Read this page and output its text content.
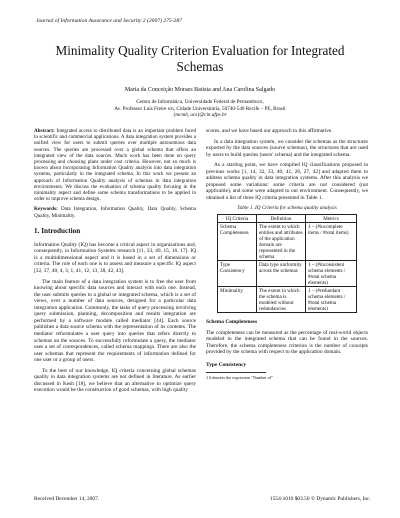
Journal of Information Assurance and Security 2 (2007) 275-287
Minimality Quality Criterion Evaluation for Integrated Schemas
Maria da Conceição Moraes Batista and Ana Carolina Salgado
Centro de Informática, Universidade Federal de Pernambuco,
Av. Professor Luis Freire s/n, Cidade Universitária, 50740-540 Recife – PE, Brasil
{mcmb, acs}@cin.ufpe.br

Abstract: Integrated access to distributed data is an important problem faced in scientific and commercial applications. A data integration system provides a unified view for users to submit queries over multiple autonomous data sources. The queries are processed over a global schema that offers an integrated view of the data sources. Much work has been done on query processing and choosing plans under cost criteria. However, not so much is known about incorporating Information Quality analysis into data integration systems, particularly in the integrated schema. In this work we present an approach of Information Quality analysis of schemas in data integration environments. We discuss the evaluation of schema quality focusing in the minimality aspect and define some schema transformations to be applied in order to improve schema design.

Keywords: Data Integration, Information Quality, Data Quality, Schema Quality, Minimality.

1. Introduction

Information Quality (IQ) has become a critical aspect in organizations and, consequently, in Information Systems research [11, 33, 40, 15, 16, 17]. IQ is a multidimensional aspect and it is based in a set of dimensions or criteria. The role of each one is to assess and measure a specific IQ aspect [32, 37, 40, 4, 3, 1, 41, 12, 13, 38, 42, 43].

The main feature of a data integration system is to free the user from knowing about specific data sources and interact with each one. Instead, the user submits queries to a global or integrated schema, which is a set of views, over a number of data sources, designed for a particular data integration application. Commonly, the tasks of query processing involving query submission, planning, decomposition and results integration are performed by a software module called mediator [44]. Each source publishes a data source schema with the representation of its contents. The mediator reformulates a user query into queries that refers directly to schemas on the sources. To successfully reformulate a query, the mediator uses a set of correspondences, called schema mappings. There are also the user schemas that represent the requirements of information defined for one user or a group of users.

To the best of our knowledge, IQ criteria concerning global schemas quality in data integration systems are not defined in literature. As earlier discussed in Kesh [18], we believe that an alternative to optimize query execution would be the construction of good schemas, with high quality

scores, and we have based our approach in this affirmative.

In a data integration system, we consider the schemas as the structures exported by the data sources (source schemas), the structures that are used by users to build queries (users' schema) and the integrated schema.

As a starting point, we have compiled IQ classifications proposed in previous works [1, 14, 32, 33, 40, 41, 26, 27, 42] and adapted them to address schema quality in data integration systems. After this analysis we proposed some variations: some criteria are not considered (not applicable), and some were adapted to our environment. Consequently, we obtained a list of three IQ criteria presented in Table 1.

Table 1. IQ Criteria for schema quality analysis
IQ Criteria	Definition	Metrics
Schema Completeness	The extent to which entities and attributes of the application domain are represented in the schema	1 – (#incomplete items / #total items)
Type Consistency	Data type uniformity across the schemas	1 – (#inconsistent schema elements / #total schema elements)
Minimality	The extent in which the schema is modeled without redundancies	1 – (#redundant schema elements / #total schema elements)
Schema Completeness

The completeness can be measured as the percentage of real-world objects modeled in the integrated schema that can be found in the sources. Therefore, the schema completeness criterion is the number of concepts provided by the schema with respect to the application domain.

Type Consistency
1 # denotes the expression "Number of"
Received December 14, 2007.	1554-1010 $03.50 © Dynamic Publishers, Inc.
